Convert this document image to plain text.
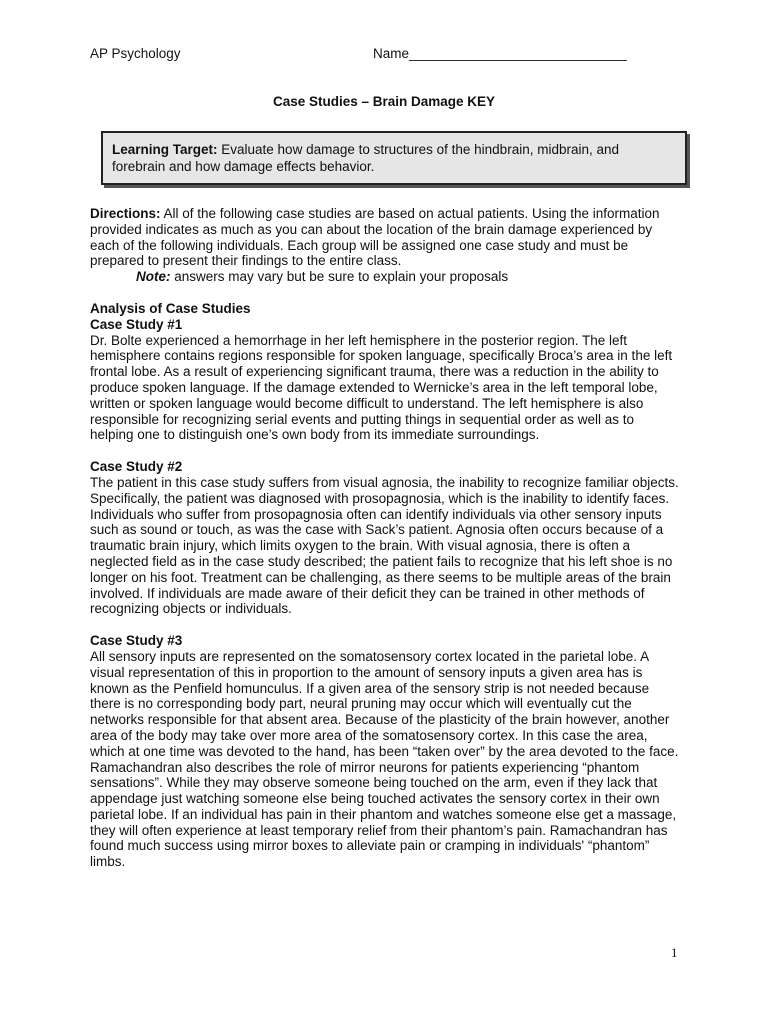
AP Psychology	Name_____________________________
Case Studies – Brain Damage KEY
Learning Target: Evaluate how damage to structures of the hindbrain, midbrain, and forebrain and how damage effects behavior.

Directions: All of the following case studies are based on actual patients. Using the information provided indicates as much as you can about the location of the brain damage experienced by each of the following individuals. Each group will be assigned one case study and must be prepared to present their findings to the entire class.

Note: answers may vary but be sure to explain your proposals

Analysis of Case Studies

Case Study #1

Dr. Bolte experienced a hemorrhage in her left hemisphere in the posterior region. The left hemisphere contains regions responsible for spoken language, specifically Broca’s area in the left frontal lobe. As a result of experiencing significant trauma, there was a reduction in the ability to produce spoken language. If the damage extended to Wernicke’s area in the left temporal lobe, written or spoken language would become difficult to understand. The left hemisphere is also responsible for recognizing serial events and putting things in sequential order as well as to helping one to distinguish one’s own body from its immediate surroundings.

Case Study #2

The patient in this case study suffers from visual agnosia, the inability to recognize familiar objects. Specifically, the patient was diagnosed with prosopagnosia, which is the inability to identify faces. Individuals who suffer from prosopagnosia often can identify individuals via other sensory inputs such as sound or touch, as was the case with Sack’s patient. Agnosia often occurs because of a traumatic brain injury, which limits oxygen to the brain. With visual agnosia, there is often a neglected field as in the case study described; the patient fails to recognize that his left shoe is no longer on his foot. Treatment can be challenging, as there seems to be multiple areas of the brain involved. If individuals are made aware of their deficit they can be trained in other methods of recognizing objects or individuals.

Case Study #3

All sensory inputs are represented on the somatosensory cortex located in the parietal lobe. A visual representation of this in proportion to the amount of sensory inputs a given area has is known as the Penfield homunculus. If a given area of the sensory strip is not needed because there is no corresponding body part, neural pruning may occur which will eventually cut the networks responsible for that absent area. Because of the plasticity of the brain however, another area of the body may take over more area of the somatosensory cortex. In this case the area, which at one time was devoted to the hand, has been “taken over” by the area devoted to the face. Ramachandran also describes the role of mirror neurons for patients experiencing “phantom sensations”. While they may observe someone being touched on the arm, even if they lack that appendage just watching someone else being touched activates the sensory cortex in their own parietal lobe. If an individual has pain in their phantom and watches someone else get a massage, they will often experience at least temporary relief from their phantom’s pain. Ramachandran has found much success using mirror boxes to alleviate pain or cramping in individuals' “phantom” limbs.

1
